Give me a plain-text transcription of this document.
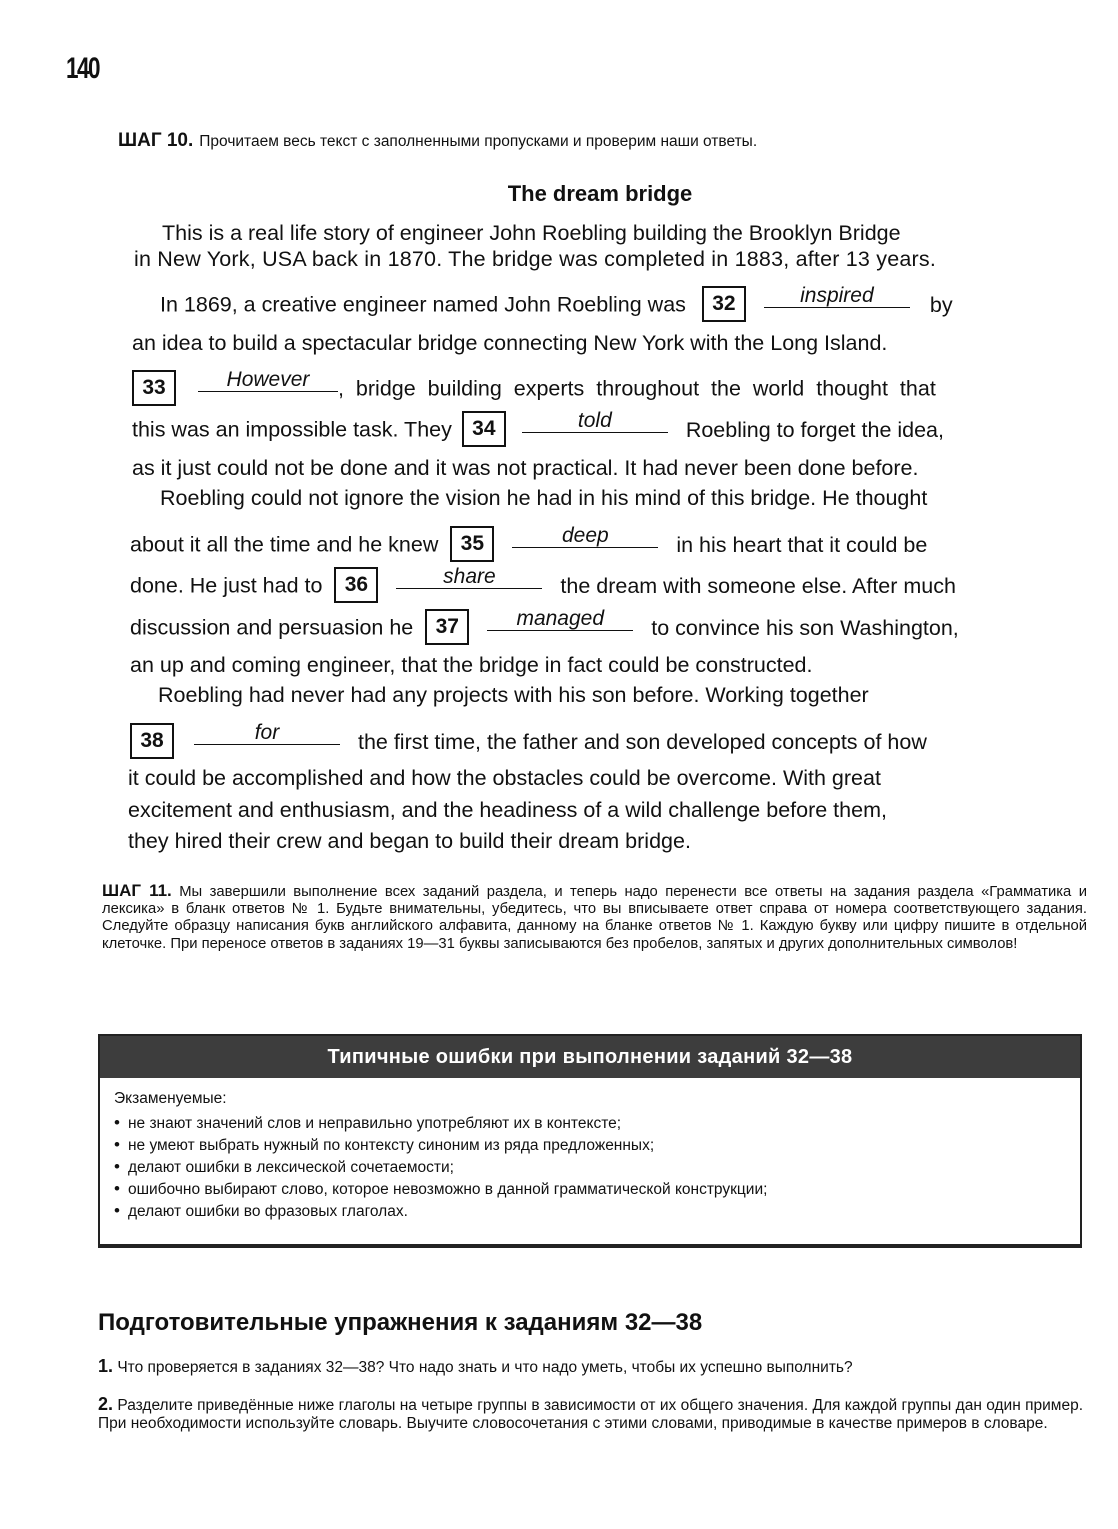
140
ШАГ 10. Прочитаем весь текст с заполненными пропусками и проверим наши ответы.
The dream bridge
This is a real life story of engineer John Roebling building the Brooklyn Bridge
in New York, USA back in 1870. The bridge was completed in 1883, after 13 years.
In 1869, a creative engineer named John Roebling was 32	inspired	by
an idea to build a spectacular bridge connecting New York with the Long Island.
33	However , bridge building experts throughout the world thought that
this was an impossible task. They 34	told	Roebling to forget the idea,
as it just could not be done and it was not practical. It had never been done before.
Roebling could not ignore the vision he had in his mind of this bridge. He thought
about it all the time and he knew 35	deep	in his heart that it could be
done. He just had to 36	share	the dream with someone else. After much
discussion and persuasion he 37	managed to convince his son Washington,
an up and coming engineer, that the bridge in fact could be constructed.
Roebling had never had any projects with his son before. Working together
38	for	the first time, the father and son developed concepts of how
it could be accomplished and how the obstacles could be overcome. With great
excitement and enthusiasm, and the headiness of a wild challenge before them,
they hired their crew and began to build their dream bridge.
ШАГ 11. Мы завершили выполнение всех заданий раздела, и теперь надо перенести все ответы на задания раздела «Грамматика и лексика» в бланк ответов № 1. Будьте внимательны, убедитесь, что вы вписываете ответ справа от номера соответствующего задания. Следуйте образцу написания букв английского алфавита, данному на бланке ответов № 1. Каждую букву или цифру пишите в отдельной клеточке. При переносе ответов в заданиях 19—31 буквы записываются без пробелов, запятых и других дополнительных символов!
Типичные ошибки при выполнении заданий 32—38
Экзаменуемые:
• не знают значений слов и неправильно употребляют их в контексте;
• не умеют выбрать нужный по контексту синоним из ряда предложенных;
• делают ошибки в лексической сочетаемости;
• ошибочно выбирают слово, которое невозможно в данной грамматической конструкции;
• делают ошибки во фразовых глаголах.
Подготовительные упражнения к заданиям 32—38
1. Что проверяется в заданиях 32—38? Что надо знать и что надо уметь, чтобы их успешно выполнить?
2. Разделите приведённые ниже глаголы на четыре группы в зависимости от их общего значения. Для каждой группы дан один пример. При необходимости используйте словарь. Выучите словосочетания с этими словами, приводимые в качестве примеров в словаре.
